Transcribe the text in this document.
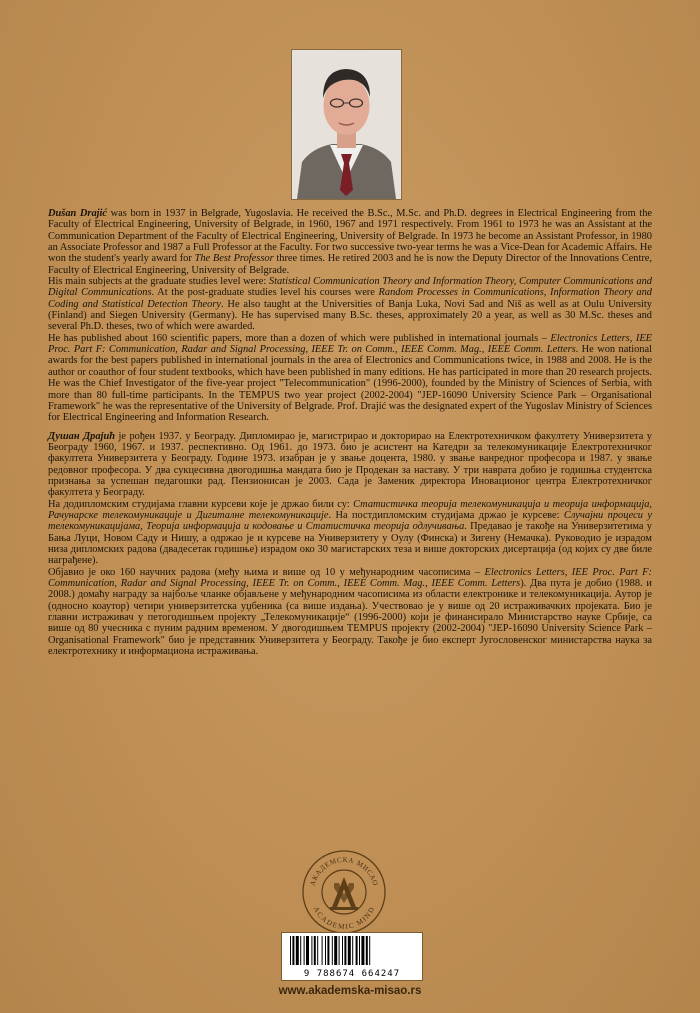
Dušan Drajić was born in 1937 in Belgrade, Yugoslavia. He received the B.Sc., M.Sc. and Ph.D. degrees in Electrical Engineering from the Faculty of Electrical Engineering, University of Belgrade, in 1960, 1967 and 1971 respectively. From 1961 to 1973 he was an Assistant at the Communication Department of the Faculty of Electrical Engineering, University of Belgrade. In 1973 he become an Assistant Professor, in 1980 an Associate Professor and 1987 a Full Professor at the Faculty. For two successive two-year terms he was a Vice-Dean for Academic Affairs. He won the student's yearly award for The Best Professor three times. He retired 2003 and he is now the Deputy Director of the Innovations Centre, Faculty of Electrical Engineering, University of Belgrade.

His main subjects at the graduate studies level were: Statistical Communication Theory and Information Theory, Computer Communications and Digital Communications. At the post-graduate studies level his courses were Random Processes in Communications, Information Theory and Coding and Statistical Detection Theory. He also taught at the Universities of Banja Luka, Novi Sad and Niš as well as at Oulu University (Finland) and Siegen University (Germany). He has supervised many B.Sc. theses, approximately 20 a year, as well as 30 M.Sc. theses and several Ph.D. theses, two of which were awarded.

He has published about 160 scientific papers, more than a dozen of which were published in international journals – Electronics Letters, IEE Proc. Part F: Communication, Radar and Signal Processing, IEEE Tr. on Comm., IEEE Comm. Mag., IEEE Comm. Letters. He won national awards for the best papers published in international journals in the area of Electronics and Communications twice, in 1988 and 2008. He is the author or coauthor of four student textbooks, which have been published in many editions. He has participated in more than 20 research projects. He was the Chief Investigator of the five-year project "Telecommunication" (1996-2000), founded by the Ministry of Sciences of Serbia, with more than 80 full-time participants. In the TEMPUS two year project (2002-2004) "JEP-16090 University Science Park – Organisational Framework" he was the representative of the University of Belgrade. Prof. Drajić was the designated expert of the Yugoslav Ministry of Sciences for Electrical Engineering and Information Research.

Душан Драјић је рођен 1937. у Београду. Дипломирао је, магистрирао и докторирао на Електротехничком факултету Универзитета у Београду 1960, 1967. и 1937. респективно. Од 1961. до 1973. био је асистент на Катедри за телекомуникације Електротехничког факултета Универзитета у Београду. Године 1973. изабран је у звање доцента, 1980. у звање ванредног професора и 1987. у звање редовног професора. У два сукцесивна двогодишња мандата био је Продекан за наставу. У три наврата добио је годишња студентска признања за успешан педагошки рад. Пензионисан је 2003. Сада је Заменик директора Иновационог центра Електротехничког факултета у Београду.

На додипломским студијама главни курсеви које је држао били су: Статистичка теорија телекомуникација и теорија информација, Рачунарске телекомуникације и Дигиталне телекомуникације. На постдипломским студијама држао је курсеве: Случајни процеси у телекомуникацијама, Теорија информација и кодовање и Статистичка теорија одлучивања. Предавао је такође на Универзитетима у Бања Луци, Новом Саду и Нишу, а одржао је и курсеве на Универзитету у Оулу (Финска) и Зигену (Немачка). Руководио је израдом низа дипломских радова (двадесетак годишње) израдом око 30 магистарских теза и више докторских дисертација (од којих су две биле награђене).

Објавио је око 160 научних радова (међу њима и више од 10 у међународним часописима – Electronics Letters, IEE Proc. Part F: Communication, Radar and Signal Processing, IEEE Tr. on Comm., IEEE Comm. Mag., IEEE Comm. Letters). Два пута је добио (1988. и 2008.) домаћу награду за најбоље чланке објављене у међународним часописима из области електронике и телекомуникација. Аутор је (односно коаутор) четири универзитетска уџбеника (са више издања). Учествовао је у више од 20 истраживачких пројеката. Био је главни истраживач у петогодишњем пројекту „Телекомуникације“ (1996-2000) који је финансирало Министарство науке Србије, са више од 80 учесника с пуним радним временом. У двогодишњем TEMPUS пројекту (2002-2004) "JEP-16090 University Science Park – Organisational Framework" био је представник Универзитета у Београду. Такође је био експерт Југословенског министарства наука за електротехнику и информационa истраживања.

АКАДЕМСКА МИСАО
ACADEMIC MIND
9 788674 664247
www.akademska-misao.rs
